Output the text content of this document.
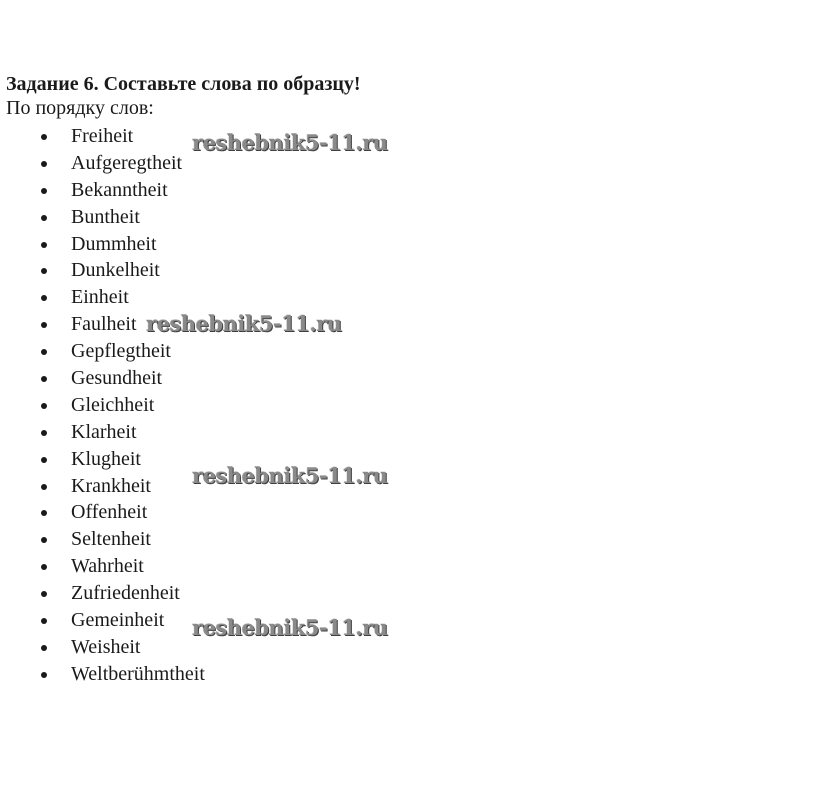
Задание 6. Составьте слова по образцу!

По порядку слов:

Freiheit
Aufgeregtheit
Bekanntheit
Buntheit
Dummheit
Dunkelheit
Einheit
Faulheit
Gepflegtheit
Gesundheit
Gleichheit
Klarheit
Klugheit
Krankheit
Offenheit
Seltenheit
Wahrheit
Zufriedenheit
Gemeinheit
Weisheit
Weltberühmtheit
reshebnik5-11.ru
reshebnik5-11.ru
reshebnik5-11.ru
reshebnik5-11.ru
